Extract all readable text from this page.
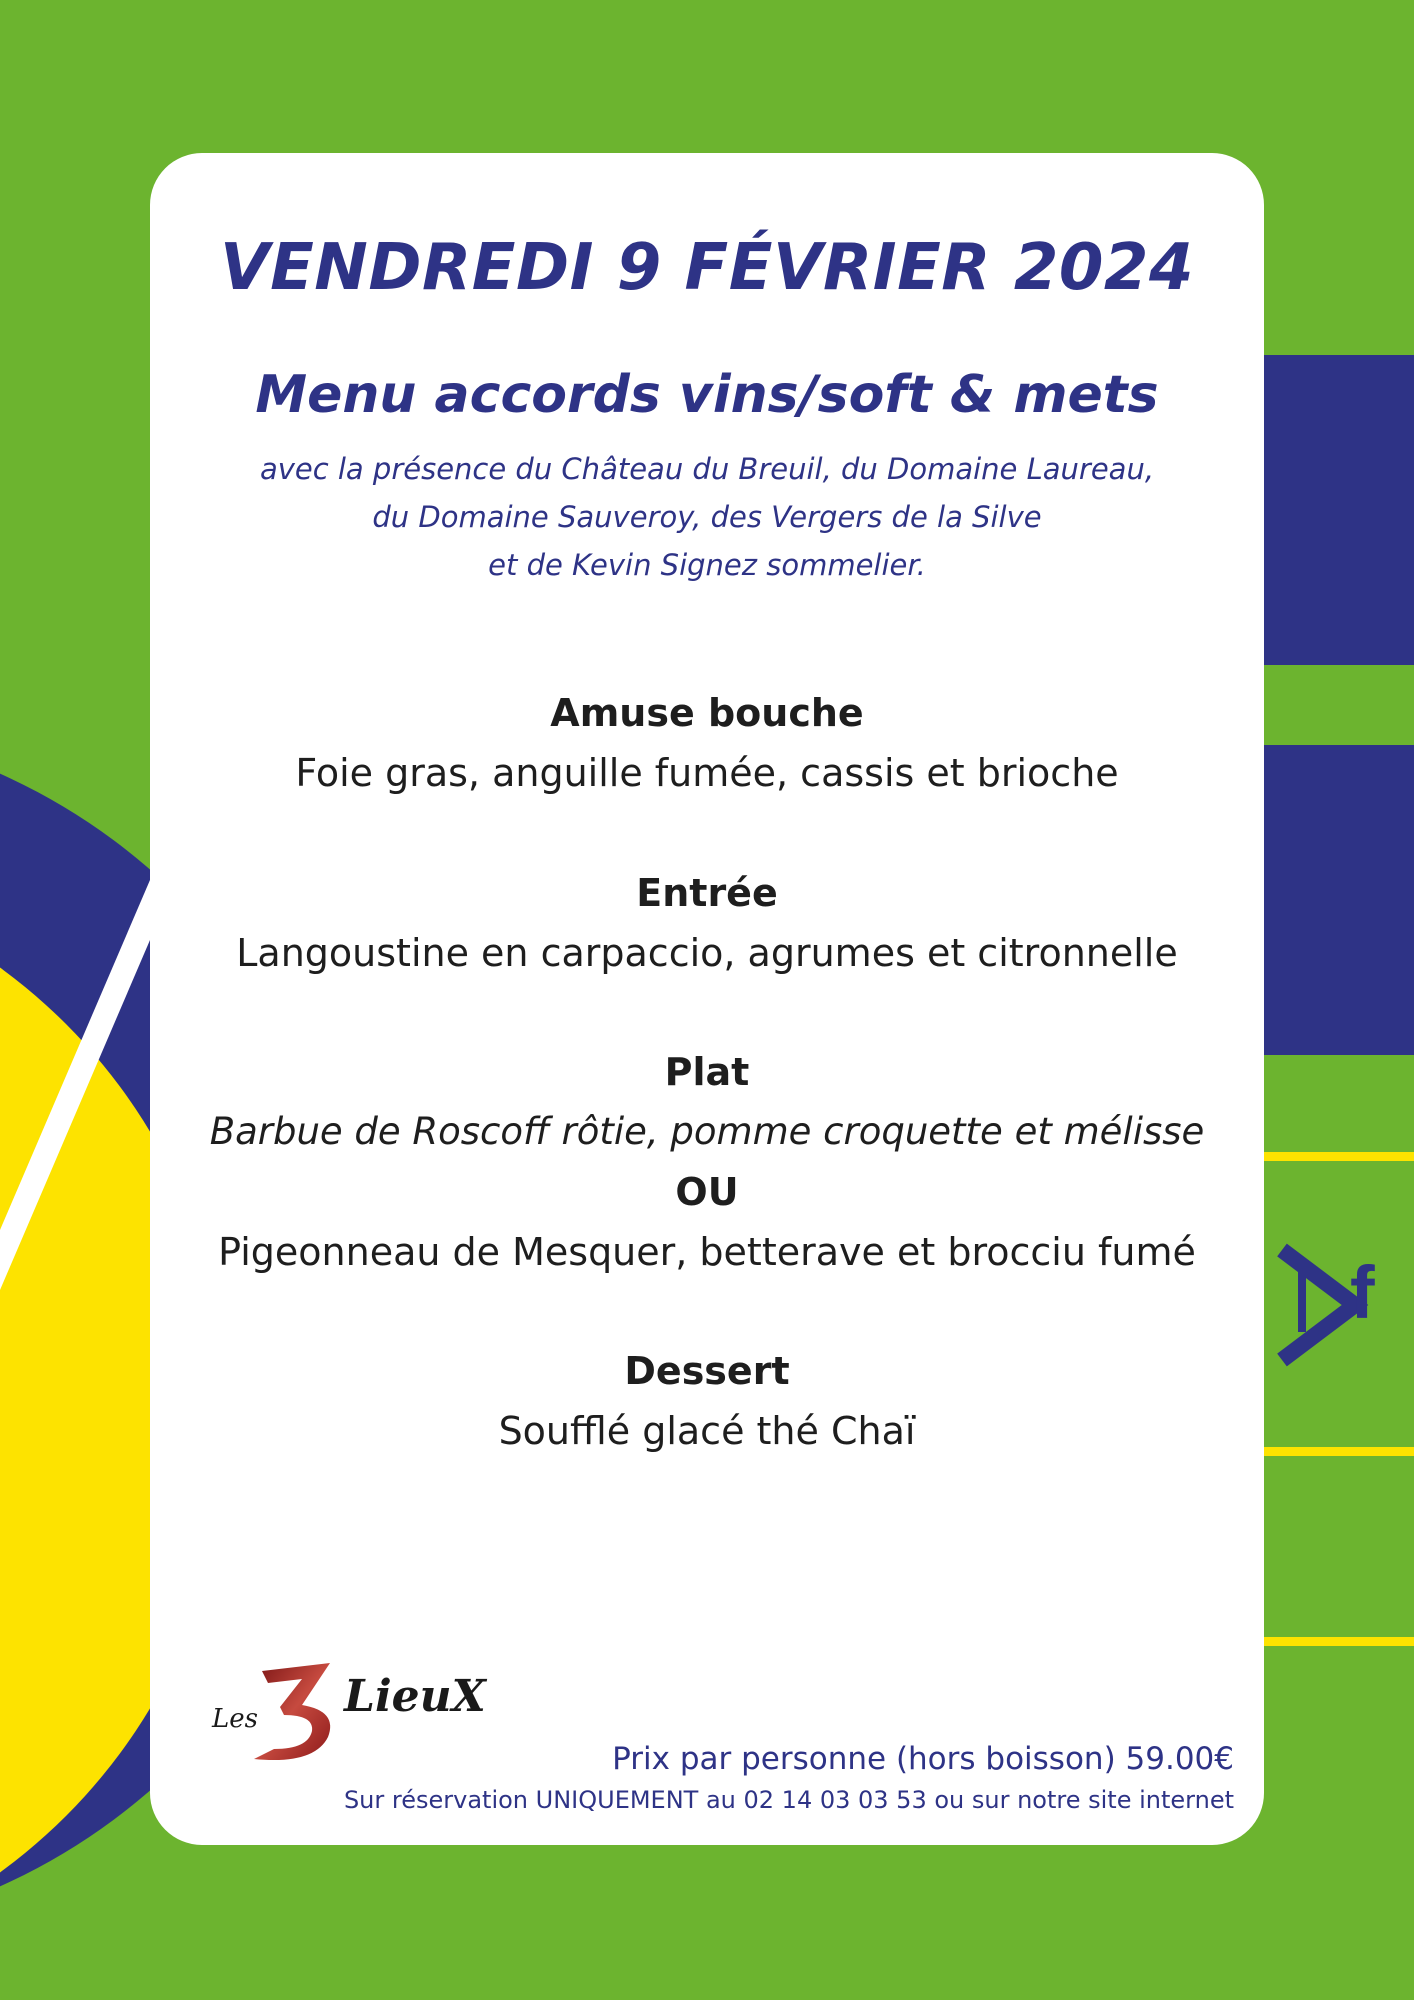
f
VENDREDI 9 FÉVRIER 2024
Menu accords vins/soft & mets
avec la présence du Château du Breuil, du Domaine Laureau,
du Domaine Sauveroy, des Vergers de la Silve
et de Kevin Signez sommelier.
Amuse bouche
Foie gras, anguille fumée, cassis et brioche
Entrée
Langoustine en carpaccio, agrumes et citronnelle
Plat
Barbue de Roscoff rôtie, pomme croquette et mélisse
OU
Pigeonneau de Mesquer, betterave et brocciu fumé
Dessert
Soufflé glacé thé Chaï
Les LieuX
Prix par personne (hors boisson) 59.00€
Sur réservation UNIQUEMENT au 02 14 03 03 53 ou sur notre site internet
